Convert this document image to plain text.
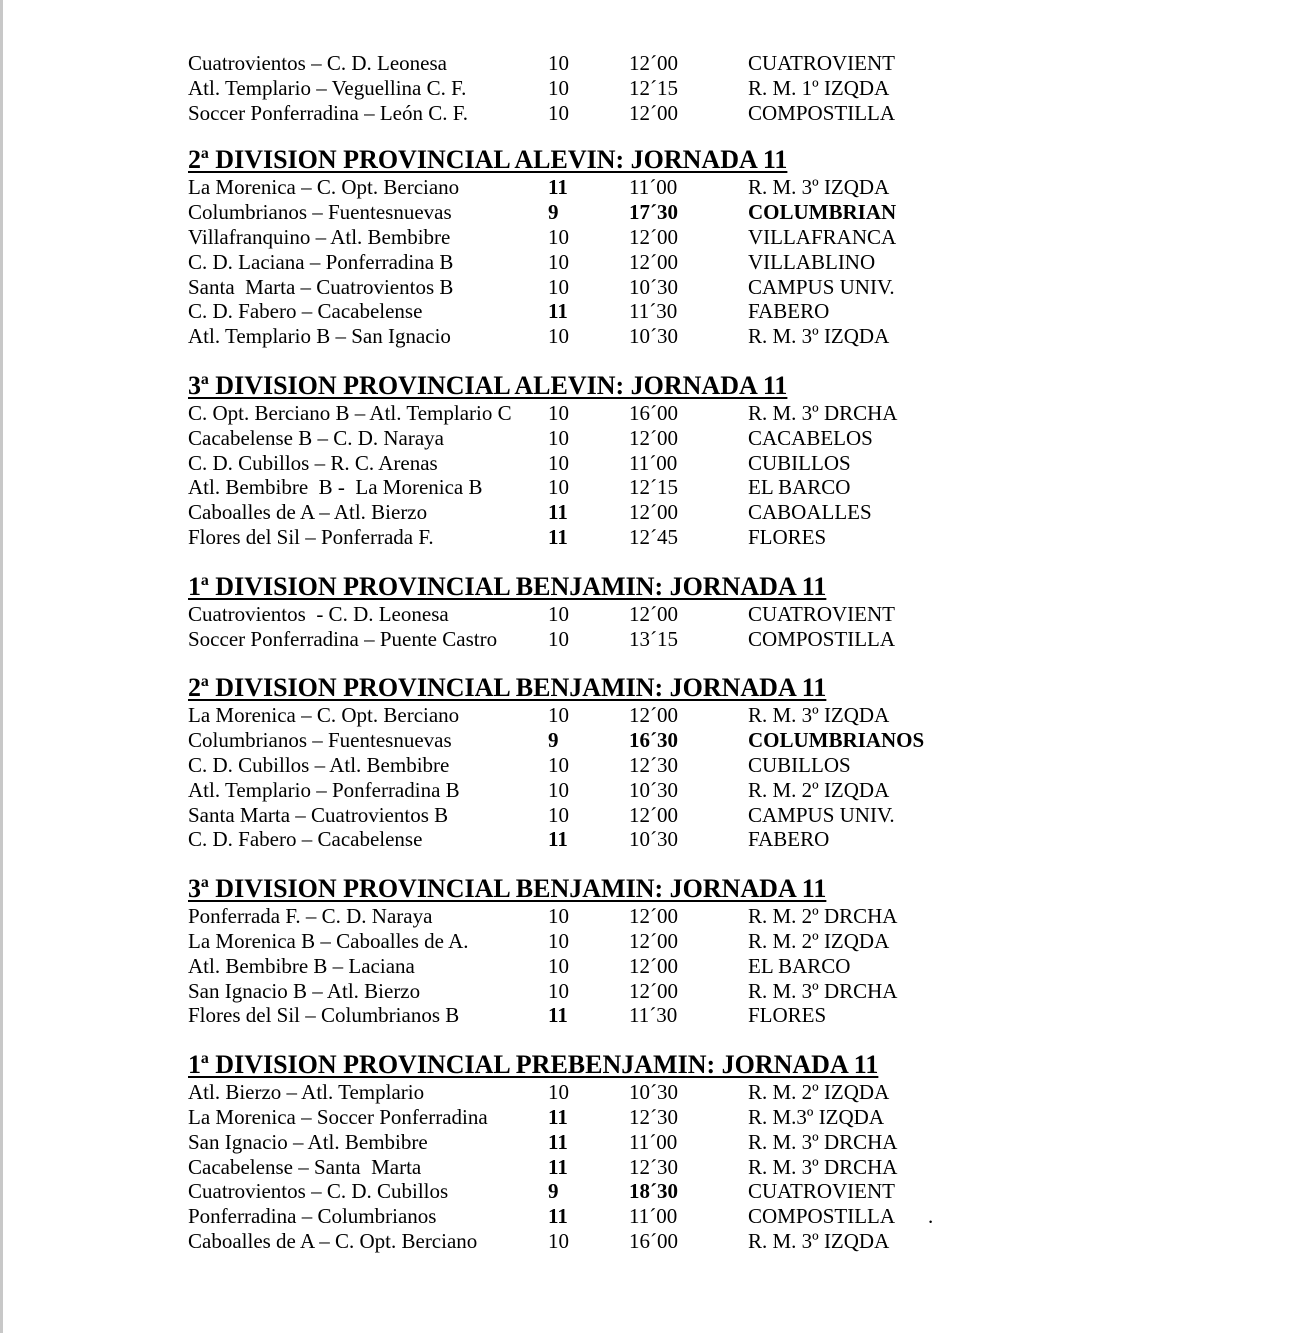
Cuatrovientos – C. D. Leonesa	10	12´00	CUATROVIENT
Atl. Templario – Veguellina C. F.	10	12´15	R. M. 1º IZQDA
Soccer Ponferradina – León C. F.	10	12´00	COMPOSTILLA
2ª DIVISION PROVINCIAL ALEVIN: JORNADA 11
La Morenica – C. Opt. Berciano	11	11´00	R. M. 3º IZQDA
Columbrianos – Fuentesnuevas	9	17´30	COLUMBRIAN
Villafranquino – Atl. Bembibre	10	12´00	VILLAFRANCA
C. D. Laciana – Ponferradina B	10	12´00	VILLABLINO
Santa  Marta – Cuatrovientos B	10	10´30	CAMPUS UNIV.
C. D. Fabero – Cacabelense	11	11´30	FABERO
Atl. Templario B – San Ignacio	10	10´30	R. M. 3º IZQDA
3ª DIVISION PROVINCIAL ALEVIN: JORNADA 11
C. Opt. Berciano B – Atl. Templario C 10	16´00	R. M. 3º DRCHA
Cacabelense B – C. D. Naraya	10	12´00	CACABELOS
C. D. Cubillos – R. C. Arenas	10	11´00	CUBILLOS
Atl. Bembibre  B -  La Morenica B	10	12´15	EL BARCO
Caboalles de A – Atl. Bierzo	11	12´00	CABOALLES
Flores del Sil – Ponferrada F.	11	12´45	FLORES
1ª DIVISION PROVINCIAL BENJAMIN: JORNADA 11
Cuatrovientos  - C. D. Leonesa	10	12´00	CUATROVIENT
Soccer Ponferradina – Puente Castro 10	13´15	COMPOSTILLA
2ª DIVISION PROVINCIAL BENJAMIN: JORNADA 11
La Morenica – C. Opt. Berciano	10	12´00	R. M. 3º IZQDA
Columbrianos – Fuentesnuevas	9	16´30	COLUMBRIANOS
C. D. Cubillos – Atl. Bembibre	10	12´30	CUBILLOS
Atl. Templario – Ponferradina B	10	10´30	R. M. 2º IZQDA
Santa Marta – Cuatrovientos B	10	12´00	CAMPUS UNIV.
C. D. Fabero – Cacabelense	11	10´30	FABERO
3ª DIVISION PROVINCIAL BENJAMIN: JORNADA 11
Ponferrada F. – C. D. Naraya	10	12´00	R. M. 2º DRCHA
La Morenica B – Caboalles de A.	10	12´00	R. M. 2º IZQDA
Atl. Bembibre B – Laciana	10	12´00	EL BARCO
San Ignacio B – Atl. Bierzo	10	12´00	R. M. 3º DRCHA
Flores del Sil – Columbrianos B	11	11´30	FLORES
1ª DIVISION PROVINCIAL PREBENJAMIN: JORNADA 11
Atl. Bierzo – Atl. Templario	10	10´30	R. M. 2º IZQDA
La Morenica – Soccer Ponferradina	11	12´30	R. M.3º IZQDA
San Ignacio – Atl. Bembibre	11	11´00	R. M. 3º DRCHA
Cacabelense – Santa  Marta	11	12´30	R. M. 3º DRCHA
Cuatrovientos – C. D. Cubillos	9	18´30	CUATROVIENT
Ponferradina – Columbrianos	11	11´00	COMPOSTILLA .
Caboalles de A – C. Opt. Berciano	10	16´00	R. M. 3º IZQDA
